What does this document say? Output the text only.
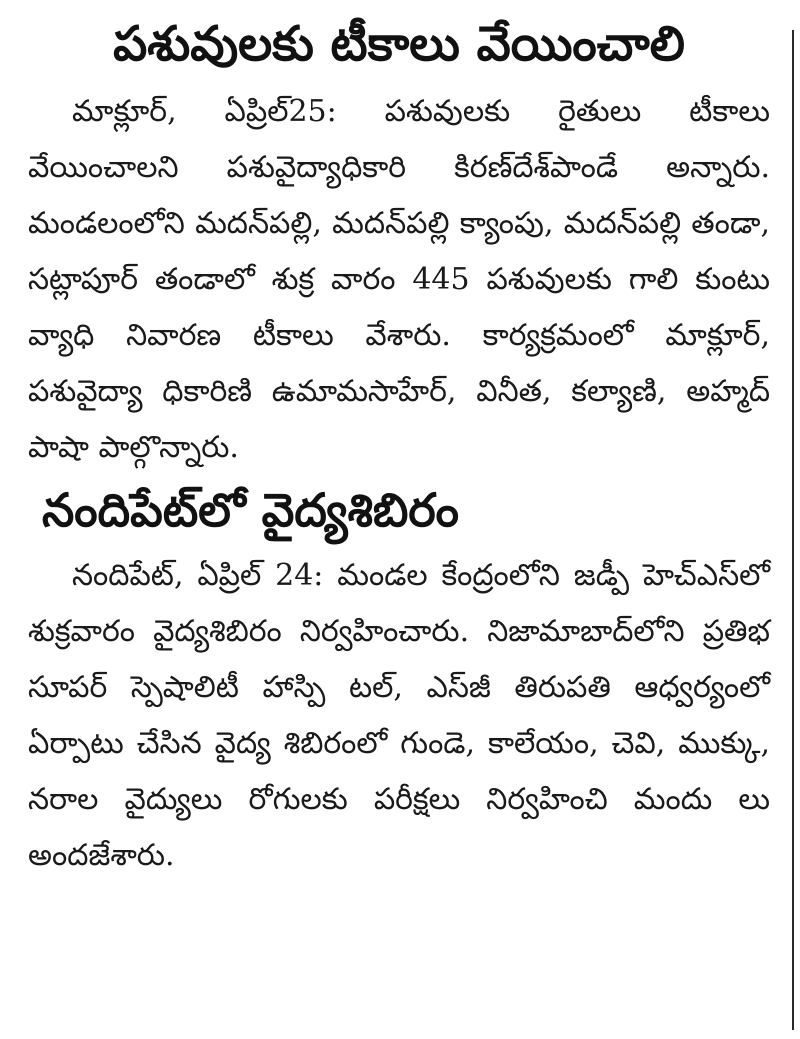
పశువులకు టీకాలు వేయించాలి

మాక్లూర్, ఏప్రిల్25: పశువులకు రైతులు టీకాలు వేయించాలని పశువైద్యాధికారి కిరణ్‌దేశ్‌పాండే అన్నారు. మండలంలోని మదన్‌పల్లి, మదన్‌పల్లి క్యాంపు, మదన్‌పల్లి తండా, సట్లాపూర్ తండాలో శుక్ర వారం 445 పశువులకు గాలి కుంటు వ్యాధి నివారణ టీకాలు వేశారు. కార్యక్రమంలో మాక్లూర్, పశువైద్యా ధికారిణి ఉమామసాహేర్, వినీత, కల్యాణి, అహ్మద్ పాషా పాల్గొన్నారు.

నందిపేట్‌లో వైద్యశిబిరం

నందిపేట్, ఏప్రిల్ 24: మండల కేంద్రంలోని జడ్పీ హెచ్ఎస్‌లో శుక్రవారం వైద్యశిబిరం నిర్వహించారు. నిజామాబాద్‌లోని ప్రతిభ సూపర్ స్పెషాలిటీ హాస్పి టల్, ఎస్‌జీ తిరుపతి ఆధ్వర్యంలో ఏర్పాటు చేసిన వైద్య శిబిరంలో గుండె, కాలేయం, చెవి, ముక్కు, నరాల వైద్యులు రోగులకు పరీక్షలు నిర్వహించి మందు లు అందజేశారు.
